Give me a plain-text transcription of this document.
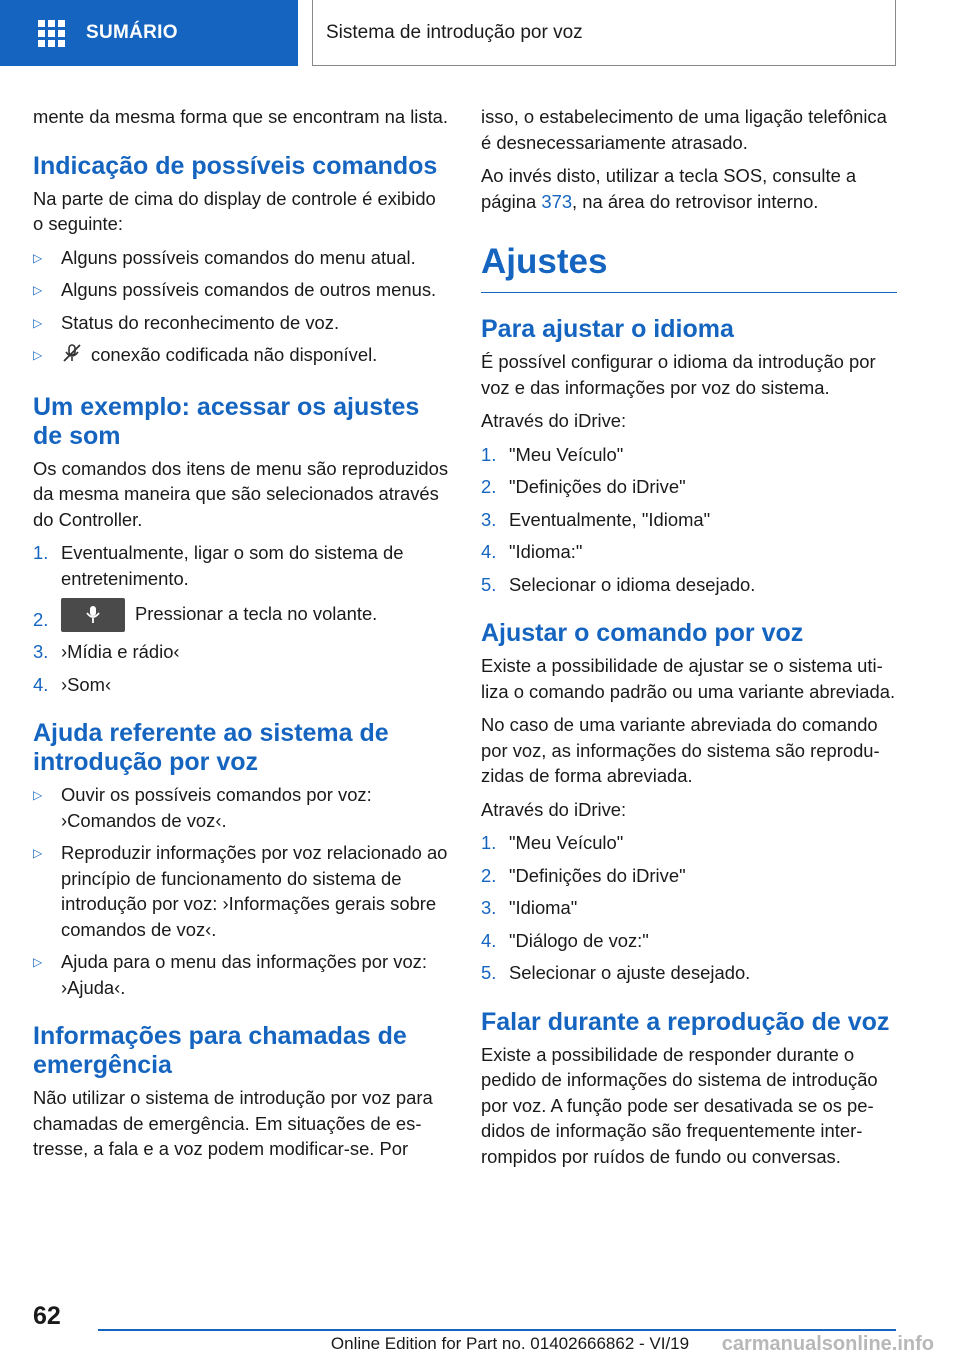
SUMÁRIO	Sistema de introdução por voz

mente da mesma forma que se encontram na lista.

Indicação de possíveis comandos

Na parte de cima do display de controle é exibido o seguinte:

▷ Alguns possíveis comandos do menu atual.
▷ Alguns possíveis comandos de outros menus.
▷ Status do reconhecimento de voz.
▷	conexão codificada não disponível.
Um exemplo: acessar os ajustes de som

Os comandos dos itens de menu são reproduzidos da mesma maneira que são selecionados através do Controller.

1. Eventualmente, ligar o som do sistema de entretenimento.
2.	Pressionar a tecla no volante.
3. ›Mídia e rádio‹
4. ›Som‹
Ajuda referente ao sistema de introdução por voz
▷ Ouvir os possíveis comandos por voz: ›Comandos de voz‹.
▷ Reproduzir informações por voz relacionado ao princípio de funcionamento do sistema de introdução por voz: ›Informações gerais sobre comandos de voz‹.
▷ Ajuda para o menu das informações por voz: ›Ajuda‹.
Informações para chamadas de emergência

Não utilizar o sistema de introdução por voz para chamadas de emergência. Em situações de estresse, a fala e a voz podem modificar-se. Por

isso, o estabelecimento de uma ligação telefônica é desnecessariamente atrasado.

Ao invés disto, utilizar a tecla SOS, consulte a página 373, na área do retrovisor interno.

Ajustes
Para ajustar o idioma

É possível configurar o idioma da introdução por voz e das informações por voz do sistema.

Através do iDrive:

1. "Meu Veículo"
2. "Definições do iDrive"
3. Eventualmente, "Idioma"
4. "Idioma:"
5. Selecionar o idioma desejado.
Ajustar o comando por voz

Existe a possibilidade de ajustar se o sistema utiliza o comando padrão ou uma variante abreviada.

No caso de uma variante abreviada do comando por voz, as informações do sistema são reproduzidas de forma abreviada.

Através do iDrive:

1. "Meu Veículo"
2. "Definições do iDrive"
3. "Idioma"
4. "Diálogo de voz:"
5. Selecionar o ajuste desejado.
Falar durante a reprodução de voz

Existe a possibilidade de responder durante o pedido de informações do sistema de introdução por voz. A função pode ser desativada se os pedidos de informação são frequentemente interrompidos por ruídos de fundo ou conversas.

62
Online Edition for Part no. 01402666862 - VI/19	carmanualsonline.info
